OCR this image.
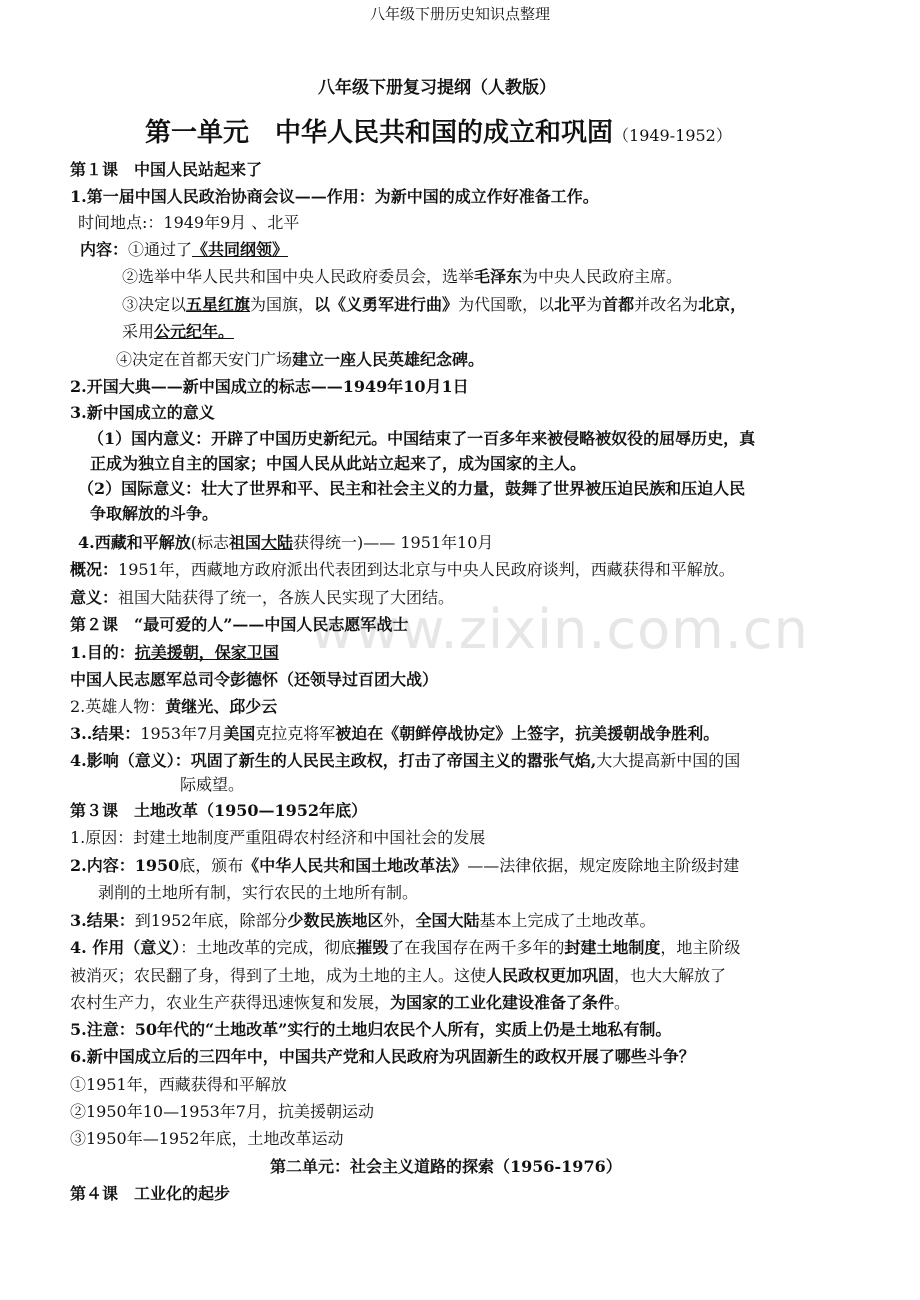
八年级下册历史知识点整理
www.zixin.com.cn
八年级下册复习提纲（人教版）
第一单元　中华人民共和国的成立和巩固（1949-1952）
第１课　中国人民站起来了
1.第一届中国人民政治协商会议——作用：为新中国的成立作好准备工作。
时间地点:：1949年9月 、北平
内容：①通过了《共同纲领》
②选举中华人民共和国中央人民政府委员会，选举毛泽东为中央人民政府主席。
③决定以五星红旗为国旗，以《义勇军进行曲》为代国歌，以北平为首都并改名为北京，
采用公元纪年。
④决定在首都天安门广场建立一座人民英雄纪念碑。
2.开国大典——新中国成立的标志——1949年10月1日
3.新中国成立的意义
（1）国内意义：开辟了中国历史新纪元。中国结束了一百多年来被侵略被奴役的屈辱历史，真
正成为独立自主的国家；中国人民从此站立起来了，成为国家的主人。
（2）国际意义：壮大了世界和平、民主和社会主义的力量，鼓舞了世界被压迫民族和压迫人民
争取解放的斗争。
4.西藏和平解放(标志祖国大陆获得统一)—— 1951年10月
概况：1951年，西藏地方政府派出代表团到达北京与中央人民政府谈判，西藏获得和平解放。
意义：祖国大陆获得了统一，各族人民实现了大团结。
第２课　“最可爱的人”——中国人民志愿军战士
1.目的：抗美援朝，保家卫国
中国人民志愿军总司令彭德怀（还领导过百团大战）
2.英雄人物：黄继光、邱少云
3..结果：1953年7月美国克拉克将军被迫在《朝鲜停战协定》上签字，抗美援朝战争胜利。
4.影响（意义）：巩固了新生的人民民主政权，打击了帝国主义的嚣张气焰,大大提高新中国的国
际威望。
第３课　土地改革（1950—1952年底）
1.原因：封建土地制度严重阻碍农村经济和中国社会的发展
2.内容：1950底，颁布《中华人民共和国土地改革法》——法律依据，规定废除地主阶级封建
剥削的土地所有制，实行农民的土地所有制。
3.结果：到1952年底，除部分少数民族地区外，全国大陆基本上完成了土地改革。
4. 作用（意义）：土地改革的完成，彻底摧毁了在我国存在两千多年的封建土地制度，地主阶级
被消灭；农民翻了身，得到了土地，成为土地的主人。这使人民政权更加巩固，也大大解放了
农村生产力，农业生产获得迅速恢复和发展，为国家的工业化建设准备了条件。
5.注意：50年代的“土地改革”实行的土地归农民个人所有，实质上仍是土地私有制。
6.新中国成立后的三四年中，中国共产党和人民政府为巩固新生的政权开展了哪些斗争？
①1951年，西藏获得和平解放
②1950年10—1953年7月，抗美援朝运动
③1950年—1952年底，土地改革运动
第二单元：社会主义道路的探索（1956-1976）
第４课　工业化的起步
